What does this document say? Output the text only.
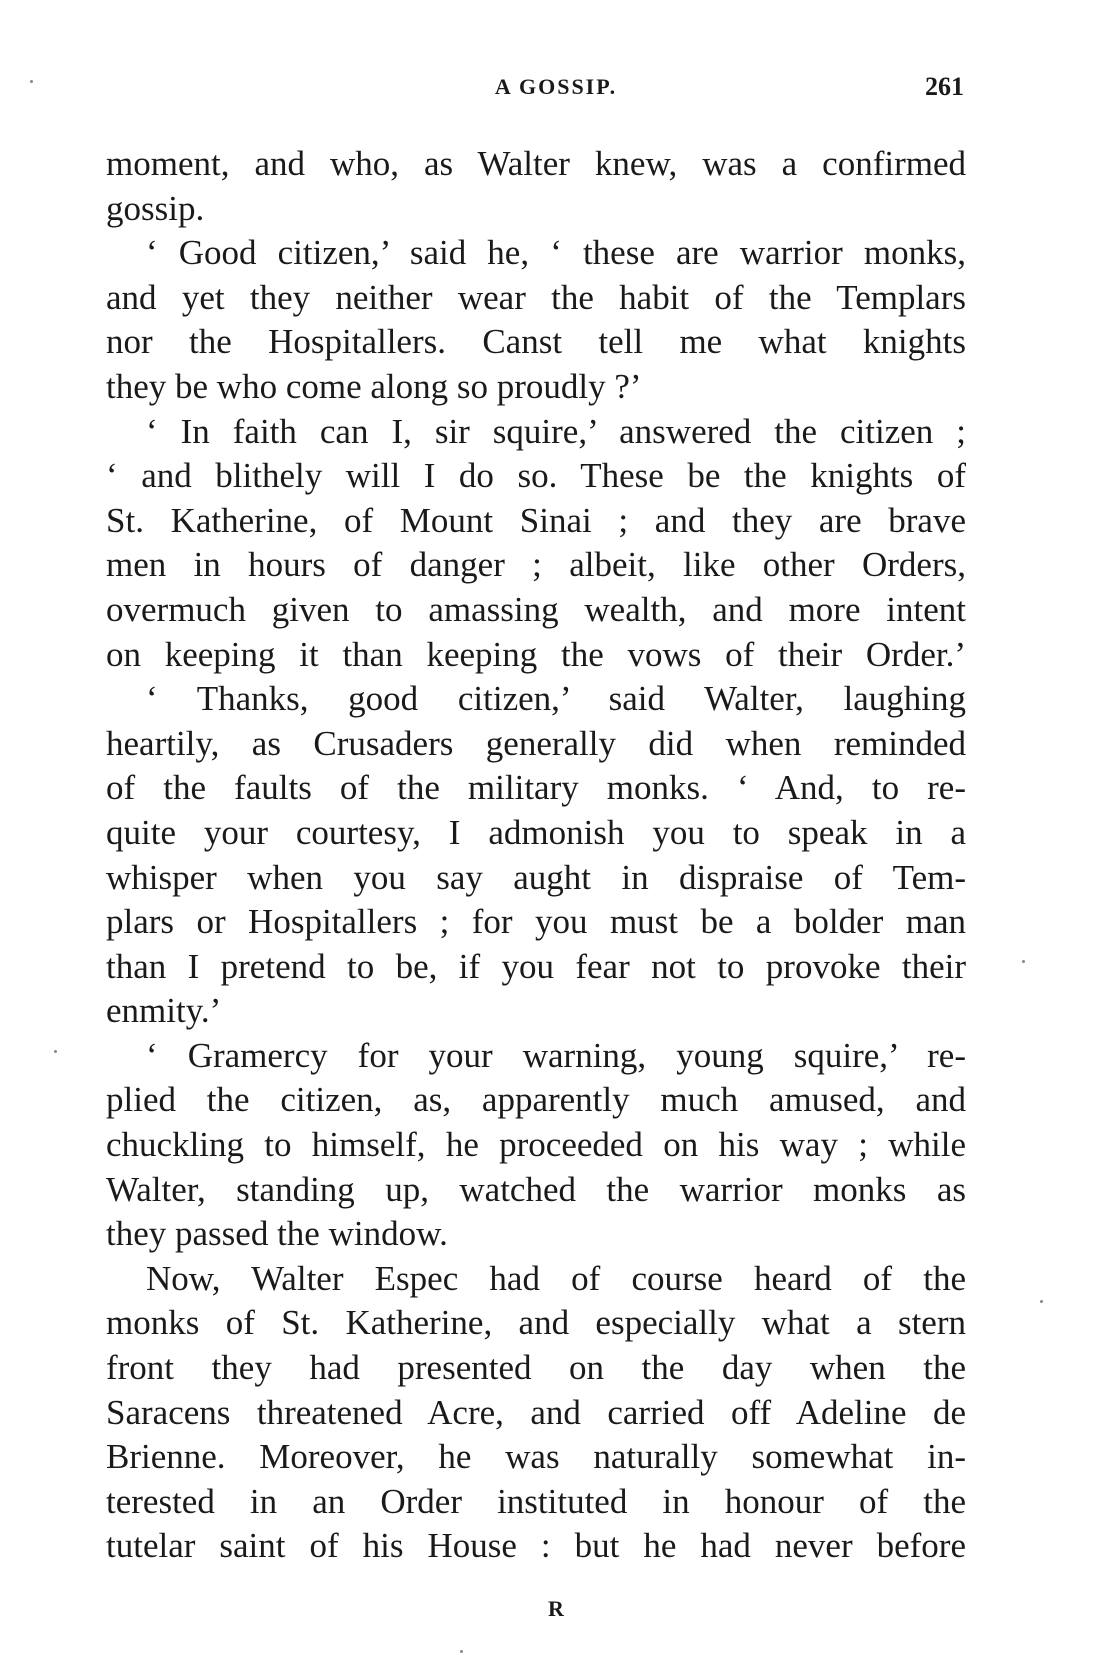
A GOSSIP.	261
moment, and who, as Walter knew, was a confirmed
gossip.
‘ Good citizen,’ said he, ‘ these are warrior monks,
and yet they neither wear the habit of the Templars
nor the Hospitallers. Canst tell me what knights
they be who come along so proudly ?’
‘ In faith can I, sir squire,’ answered the citizen ;
‘ and blithely will I do so. These be the knights of
St. Katherine, of Mount Sinai ; and they are brave
men in hours of danger ; albeit, like other Orders,
overmuch given to amassing wealth, and more intent
on keeping it than keeping the vows of their Order.’
‘ Thanks, good citizen,’ said Walter, laughing
heartily, as Crusaders generally did when reminded
of the faults of the military monks. ‘ And, to re-
quite your courtesy, I admonish you to speak in a
whisper when you say aught in dispraise of Tem-
plars or Hospitallers ; for you must be a bolder man
than I pretend to be, if you fear not to provoke their
enmity.’
‘ Gramercy for your warning, young squire,’ re-
plied the citizen, as, apparently much amused, and
chuckling to himself, he proceeded on his way ; while
Walter, standing up, watched the warrior monks as
they passed the window.
Now, Walter Espec had of course heard of the
monks of St. Katherine, and especially what a stern
front they had presented on the day when the
Saracens threatened Acre, and carried off Adeline de
Brienne. Moreover, he was naturally somewhat in-
terested in an Order instituted in honour of the
tutelar saint of his House : but he had never before
R
